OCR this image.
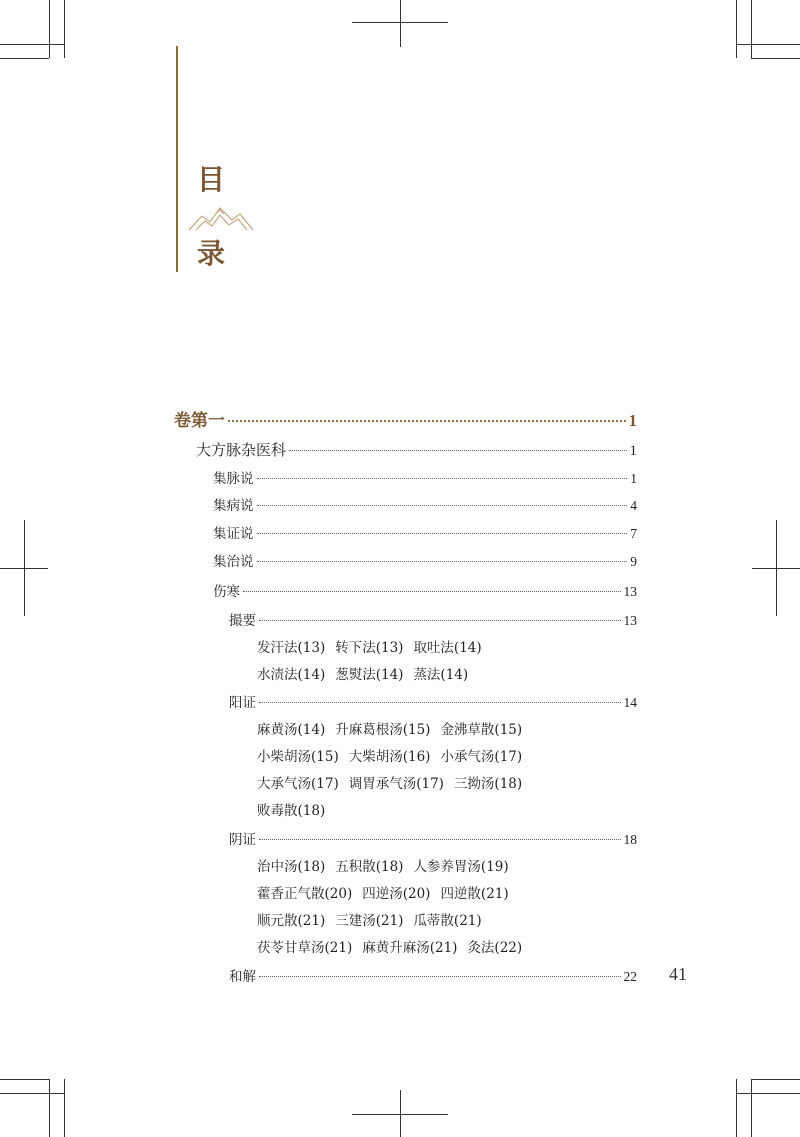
目
录
卷第一	1
大方脉杂医科	1
集脉说	1
集病说	4
集证说	7
集治说	9
伤寒	13
撮要	13
发汗法(13) 转下法(13) 取吐法(14)
水渍法(14) 葱熨法(14) 蒸法(14)
阳证	14
麻黄汤(14) 升麻葛根汤(15) 金沸草散(15)
小柴胡汤(15) 大柴胡汤(16) 小承气汤(17)
大承气汤(17) 调胃承气汤(17) 三拗汤(18)
败毒散(18)
阴证	18
治中汤(18) 五积散(18) 人参养胃汤(19)
藿香正气散(20) 四逆汤(20) 四逆散(21)
顺元散(21) 三建汤(21) 瓜蒂散(21)
茯苓甘草汤(21) 麻黄升麻汤(21) 灸法(22)
和解	22 41
